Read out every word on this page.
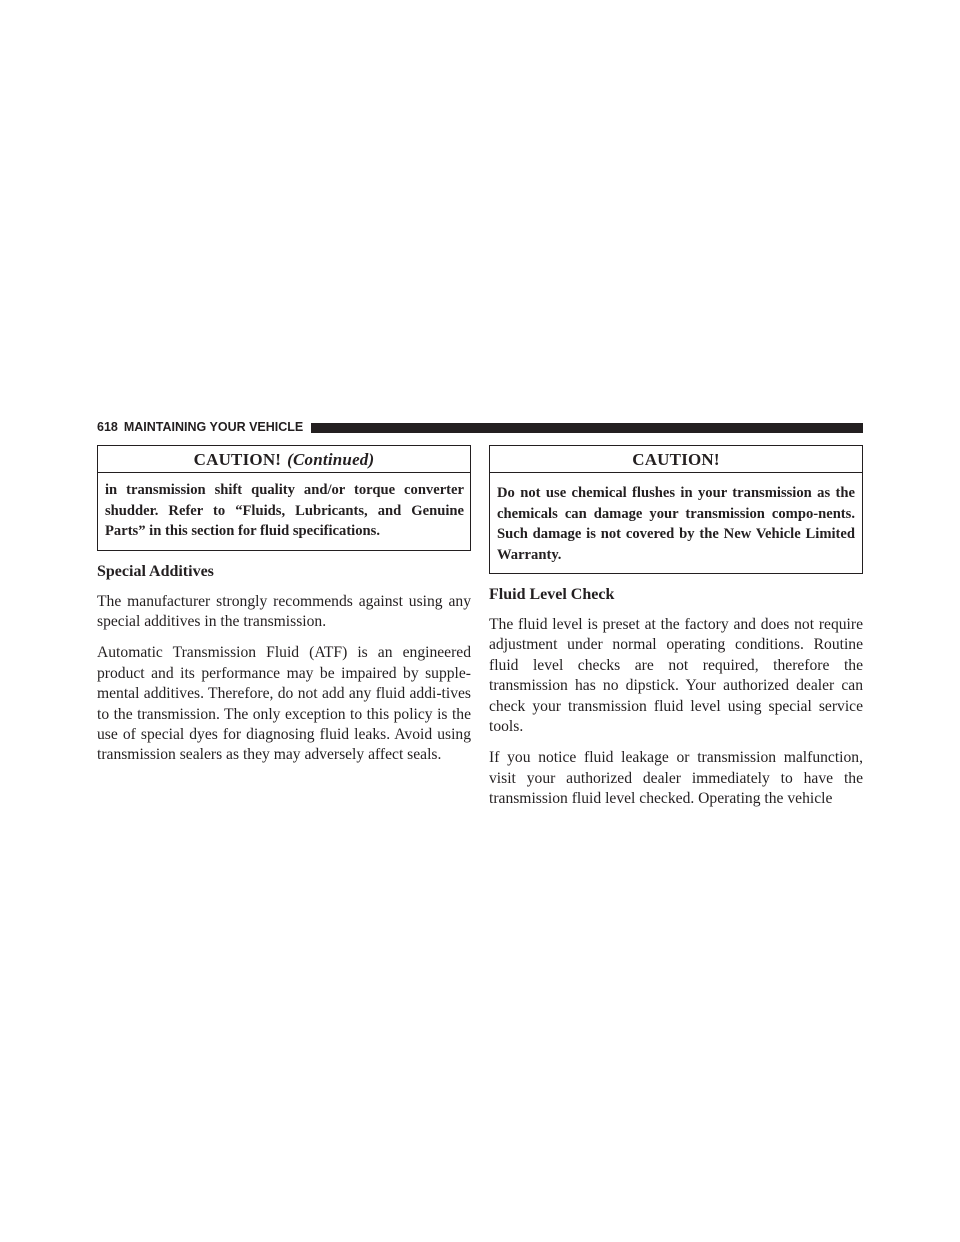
618 MAINTAINING YOUR VEHICLE
CAUTION! (Continued)
in transmission shift quality and/or torque converter shudder. Refer to “Fluids, Lubricants, and Genuine Parts” in this section for fluid specifications.
Special Additives

The manufacturer strongly recommends against using any special additives in the transmission.

Automatic Transmission Fluid (ATF) is an engineered product and its performance may be impaired by supple-mental additives. Therefore, do not add any fluid addi-tives to the transmission. The only exception to this policy is the use of special dyes for diagnosing fluid leaks. Avoid using transmission sealers as they may adversely affect seals.

CAUTION!
Do not use chemical flushes in your transmission as the chemicals can damage your transmission compo-nents. Such damage is not covered by the New Vehicle Limited Warranty.
Fluid Level Check

The fluid level is preset at the factory and does not require adjustment under normal operating conditions. Routine fluid level checks are not required, therefore the transmission has no dipstick. Your authorized dealer can check your transmission fluid level using special service tools.

If you notice fluid leakage or transmission malfunction, visit your authorized dealer immediately to have the transmission fluid level checked. Operating the vehicle
